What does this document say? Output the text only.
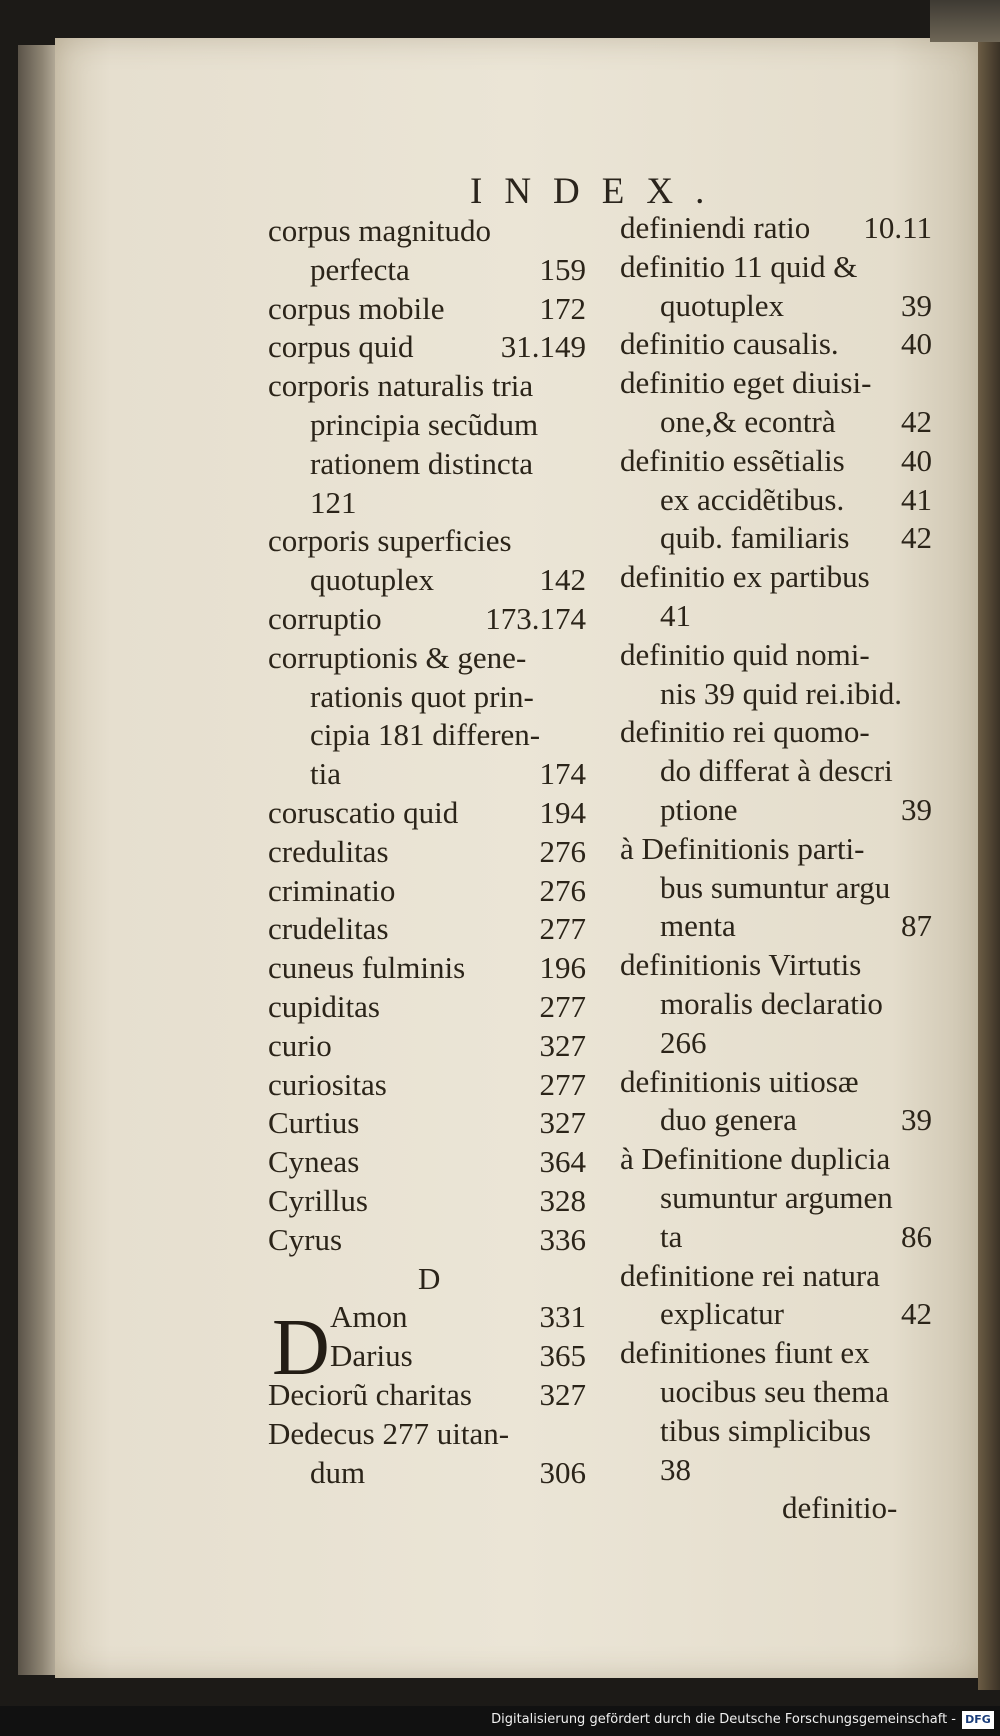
INDEX.
corpus magnitudo
perfecta	159
corpus mobile	172
corpus quid	31.149
corporis naturalis tria
principia secũdum
rationem distincta
121
corporis superficies
quotuplex	142
corruptio	173.174
corruptionis & gene-
rationis quot prin-
cipia 181 differen-
tia	174
coruscatio quid	194
credulitas	276
criminatio	276
crudelitas	277
cuneus fulminis 196
cupiditas	277
curio	327
curiositas	277
Curtius	327
Cyneas	364
Cyrillus	328
Cyrus	336
D
Amon	331
Darius	365
Deciorũ charitas 327
Dedecus 277 uitan-
dum	306
definiendi ratio 10.11
definitio 11 quid &
quotuplex	39
definitio causalis. 40
definitio eget diuisi-
one,& econtrà 42
definitio essẽtialis 40
ex accidẽtibus. 41
quib. familiaris 42
definitio ex partibus
41
definitio quid nomi-
nis 39 quid rei.ibid.
definitio rei quomo-
do differat à descri
ptione	39
à Definitionis parti-
bus sumuntur argu
menta	87
definitionis Virtutis
moralis declaratio
266
definitionis uitiosæ
duo genera	39
à Definitione duplicia
sumuntur argumen
ta	86
definitione rei natura
explicatur	42
definitiones fiunt ex
uocibus seu thema
tibus simplicibus
38
D
definitio-
Digitalisierung gefördert durch die Deutsche Forschungsgemeinschaft - DFG
